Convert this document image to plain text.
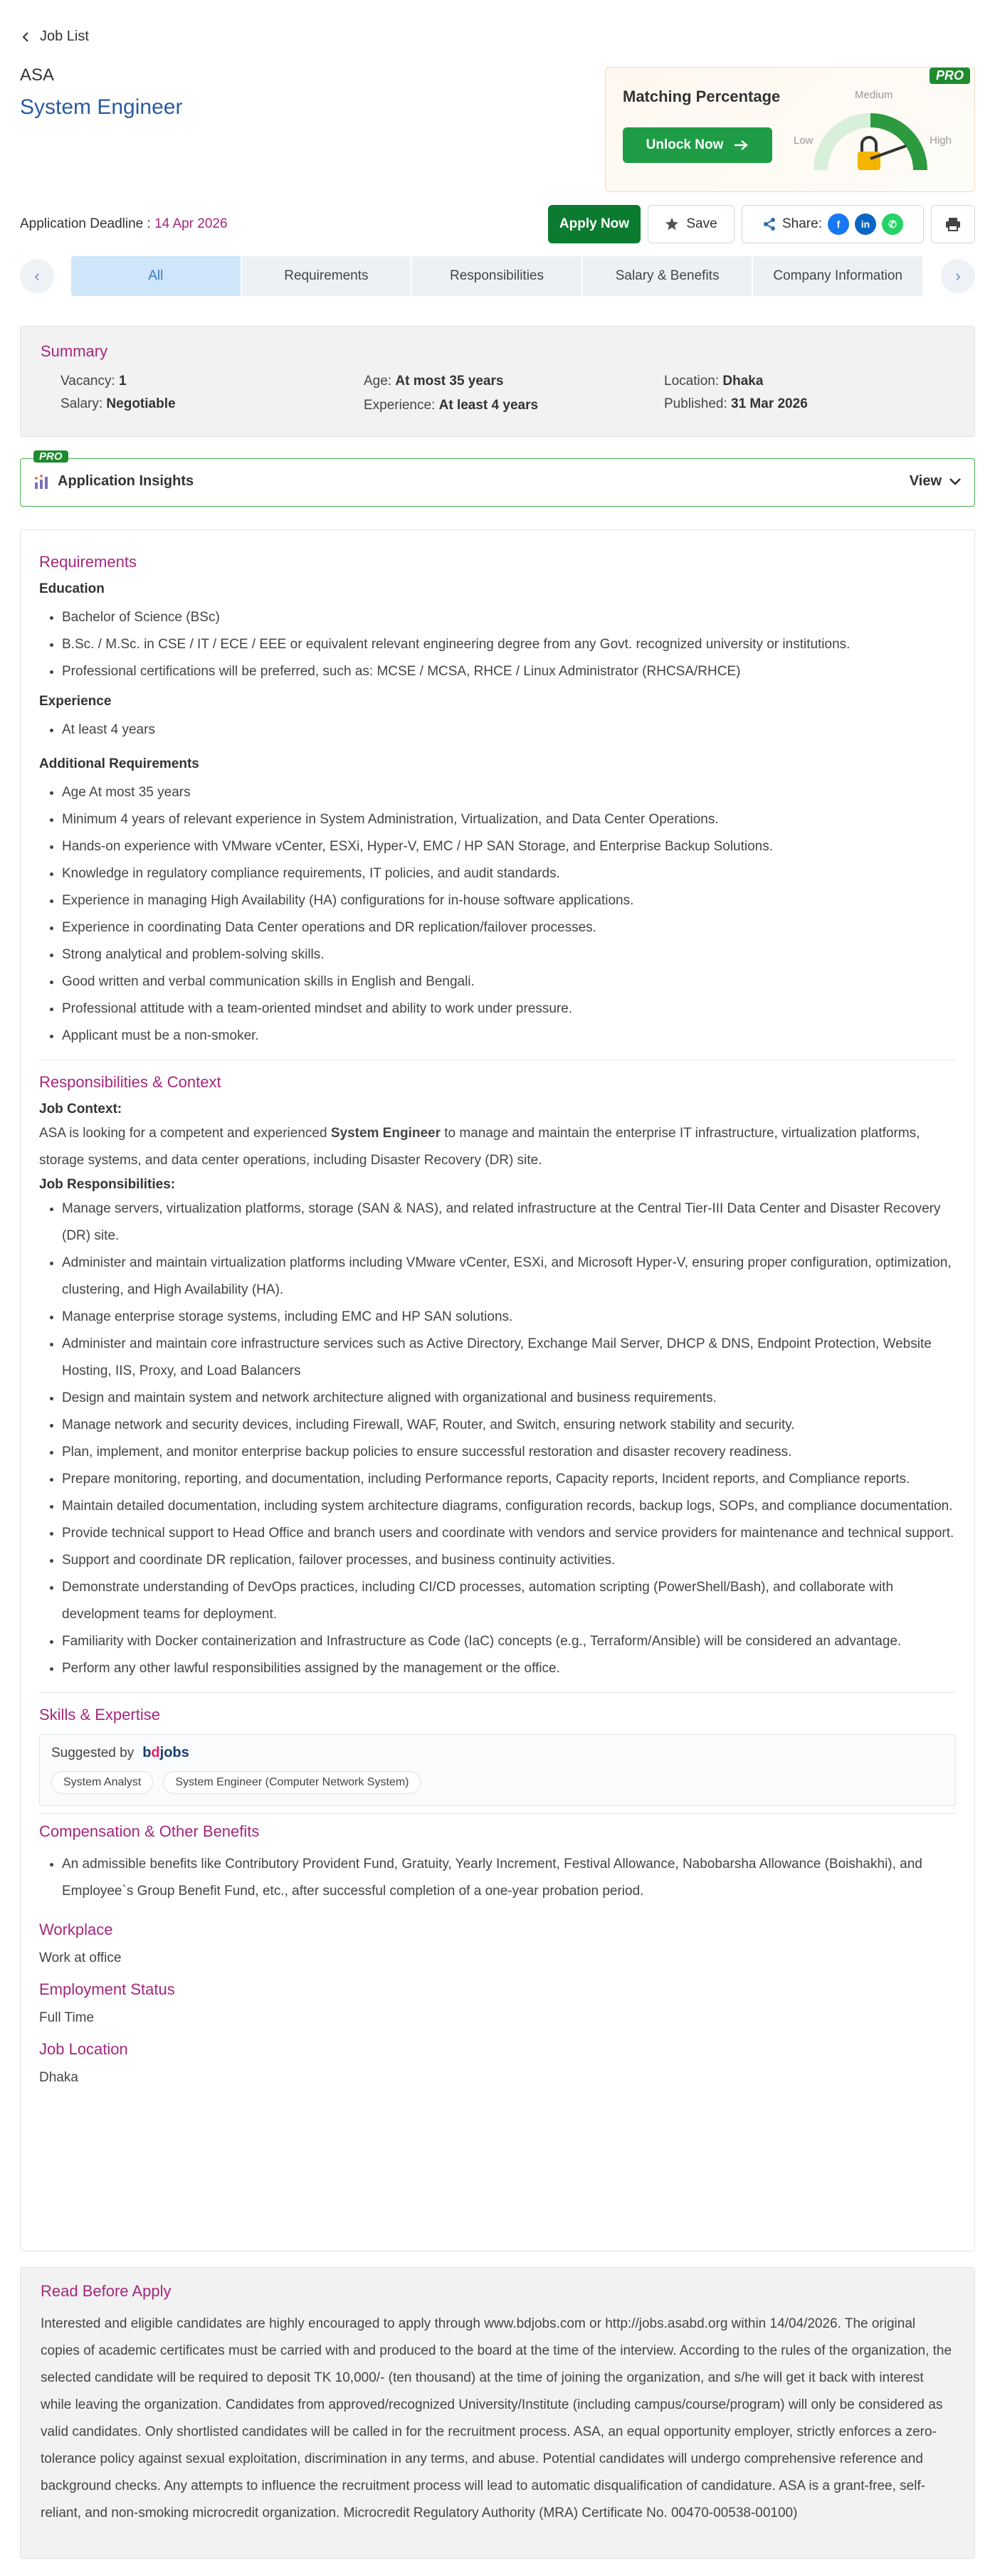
Job List
ASA
System Engineer
PRO
Matching Percentage
Unlock Now	Low
Medium
High
Application Deadline : 14 Apr 2026	Apply Now	Save	Share:	f	in	✆
‹	All	Requirements	Responsibilities	Salary & Benefits	Company Information	›
Summary
Vacancy: 1	Age: At most 35 years	Location: Dhaka
Salary: Negotiable	Experience: At least 4 years	Published: 31 Mar 2026
PRO
Application Insights	View
Requirements
Education
• Bachelor of Science (BSc)
• B.Sc. / M.Sc. in CSE / IT / ECE / EEE or equivalent relevant engineering degree from any Govt. recognized university or institutions.
• Professional certifications will be preferred, such as: MCSE / MCSA, RHCE / Linux Administrator (RHCSA/RHCE)
Experience
• At least 4 years
Additional Requirements
• Age At most 35 years
• Minimum 4 years of relevant experience in System Administration, Virtualization, and Data Center Operations.
• Hands-on experience with VMware vCenter, ESXi, Hyper-V, EMC / HP SAN Storage, and Enterprise Backup Solutions.
• Knowledge in regulatory compliance requirements, IT policies, and audit standards.
• Experience in managing High Availability (HA) configurations for in-house software applications.
• Experience in coordinating Data Center operations and DR replication/failover processes.
• Strong analytical and problem-solving skills.
• Good written and verbal communication skills in English and Bengali.
• Professional attitude with a team-oriented mindset and ability to work under pressure.
• Applicant must be a non-smoker.
Responsibilities & Context
Job Context:
ASA is looking for a competent and experienced System Engineer to manage and maintain the enterprise IT infrastructure, virtualization platforms, storage systems, and data center operations, including Disaster Recovery (DR) site.
Job Responsibilities:
• Manage servers, virtualization platforms, storage (SAN & NAS), and related infrastructure at the Central Tier-III Data Center and Disaster Recovery (DR) site.
• Administer and maintain virtualization platforms including VMware vCenter, ESXi, and Microsoft Hyper-V, ensuring proper configuration, optimization, clustering, and High Availability (HA).
• Manage enterprise storage systems, including EMC and HP SAN solutions.
• Administer and maintain core infrastructure services such as Active Directory, Exchange Mail Server, DHCP & DNS, Endpoint Protection, Website Hosting, IIS, Proxy, and Load Balancers
• Design and maintain system and network architecture aligned with organizational and business requirements.
• Manage network and security devices, including Firewall, WAF, Router, and Switch, ensuring network stability and security.
• Plan, implement, and monitor enterprise backup policies to ensure successful restoration and disaster recovery readiness.
• Prepare monitoring, reporting, and documentation, including Performance reports, Capacity reports, Incident reports, and Compliance reports.
• Maintain detailed documentation, including system architecture diagrams, configuration records, backup logs, SOPs, and compliance documentation.
• Provide technical support to Head Office and branch users and coordinate with vendors and service providers for maintenance and technical support.
• Support and coordinate DR replication, failover processes, and business continuity activities.
• Demonstrate understanding of DevOps practices, including CI/CD processes, automation scripting (PowerShell/Bash), and collaborate with development teams for deployment.
• Familiarity with Docker containerization and Infrastructure as Code (IaC) concepts (e.g., Terraform/Ansible) will be considered an advantage.
• Perform any other lawful responsibilities assigned by the management or the office.
Skills & Expertise
Suggested by bdjobs
System Analyst	System Engineer (Computer Network System)
Compensation & Other Benefits
• An admissible benefits like Contributory Provident Fund, Gratuity, Yearly Increment, Festival Allowance, Nabobarsha Allowance (Boishakhi), and Employee`s Group Benefit Fund, etc., after successful completion of a one-year probation period.
Workplace
Work at office
Employment Status
Full Time
Job Location
Dhaka
Read Before Apply
Interested and eligible candidates are highly encouraged to apply through www.bdjobs.com or http://jobs.asabd.org within 14/04/2026. The original copies of academic certificates must be carried with and produced to the board at the time of the interview. According to the rules of the organization, the selected candidate will be required to deposit TK 10,000/- (ten thousand) at the time of joining the organization, and s/he will get it back with interest while leaving the organization. Candidates from approved/recognized University/Institute (including campus/course/program) will only be considered as valid candidates. Only shortlisted candidates will be called in for the recruitment process. ASA, an equal opportunity employer, strictly enforces a zero-tolerance policy against sexual exploitation, discrimination in any terms, and abuse. Potential candidates will undergo comprehensive reference and background checks. Any attempts to influence the recruitment process will lead to automatic disqualification of candidature. ASA is a grant-free, self-reliant, and non-smoking microcredit organization. Microcredit Regulatory Authority (MRA) Certificate No. 00470-00538-00100)
